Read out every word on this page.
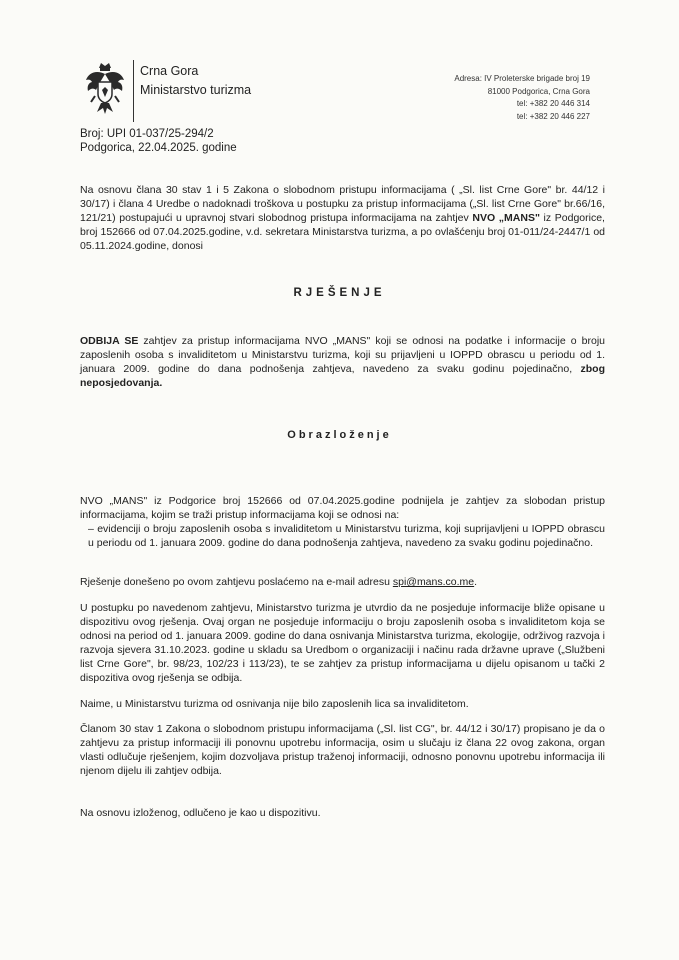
Crna Gora
Ministarstvo turizma
Adresa: IV Proleterske brigade broj 19
81000 Podgorica, Crna Gora
tel: +382 20 446 314
tel: +382 20 446 227
Broj: UPI 01-037/25-294/2
Podgorica, 22.04.2025. godine

Na osnovu člana 30 stav 1 i 5 Zakona o slobodnom pristupu informacijama ( „Sl. list Crne Gore" br. 44/12 i 30/17) i člana 4 Uredbe o nadoknadi troškova u postupku za pristup informacijama („Sl. list Crne Gore" br.66/16, 121/21) postupajući u upravnoj stvari slobodnog pristupa informacijama na zahtjev NVO „MANS" iz Podgorice, broj 152666 od 07.04.2025.godine, v.d. sekretara Ministarstva turizma, a po ovlašćenju broj 01-011/24-2447/1 od 05.11.2024.godine, donosi

RJEŠENJE

ODBIJA SE zahtjev za pristup informacijama NVO „MANS" koji se odnosi na podatke i informacije o broju zaposlenih osoba s invaliditetom u Ministarstvu turizma, koji su prijavljeni u IOPPD obrascu u periodu od 1. januara 2009. godine do dana podnošenja zahtjeva, navedeno za svaku godinu pojedinačno, zbog neposjedovanja.

Obrazloženje

NVO „MANS" iz Podgorice broj 152666 od 07.04.2025.godine podnijela je zahtjev za slobodan pristup informacijama, kojim se traži pristup informacijama koji se odnosi na:

– evidenciji o broju zaposlenih osoba s invaliditetom u Ministarstvu turizma, koji suprijavljeni u IOPPD obrascu u periodu od 1. januara 2009. godine do dana podnošenja zahtjeva, navedeno za svaku godinu pojedinačno.

Rješenje donešeno po ovom zahtjevu poslaćemo na e-mail adresu spi@mans.co.me.

U postupku po navedenom zahtjevu, Ministarstvo turizma je utvrdio da ne posjeduje informacije bliže opisane u dispozitivu ovog rješenja. Ovaj organ ne posjeduje informaciju o broju zaposlenih osoba s invaliditetom koja se odnosi na period od 1. januara 2009. godine do dana osnivanja Ministarstva turizma, ekologije, održivog razvoja i razvoja sjevera 31.10.2023. godine u skladu sa Uredbom o organizaciji i načinu rada državne uprave („Službeni list Crne Gore", br. 98/23, 102/23 i 113/23), te se zahtjev za pristup informacijama u dijelu opisanom u tački 2 dispozitiva ovog rješenja se odbija.

Naime, u Ministarstvu turizma od osnivanja nije bilo zaposlenih lica sa invaliditetom.

Članom 30 stav 1 Zakona o slobodnom pristupu informacijama („Sl. list CG", br. 44/12 i 30/17) propisano je da o zahtjevu za pristup informaciji ili ponovnu upotrebu informacija, osim u slučaju iz člana 22 ovog zakona, organ vlasti odlučuje rješenjem, kojim dozvoljava pristup traženoj informaciji, odnosno ponovnu upotrebu informacija ili njenom dijelu ili zahtjev odbija.

Na osnovu izloženog, odlučeno je kao u dispozitivu.
